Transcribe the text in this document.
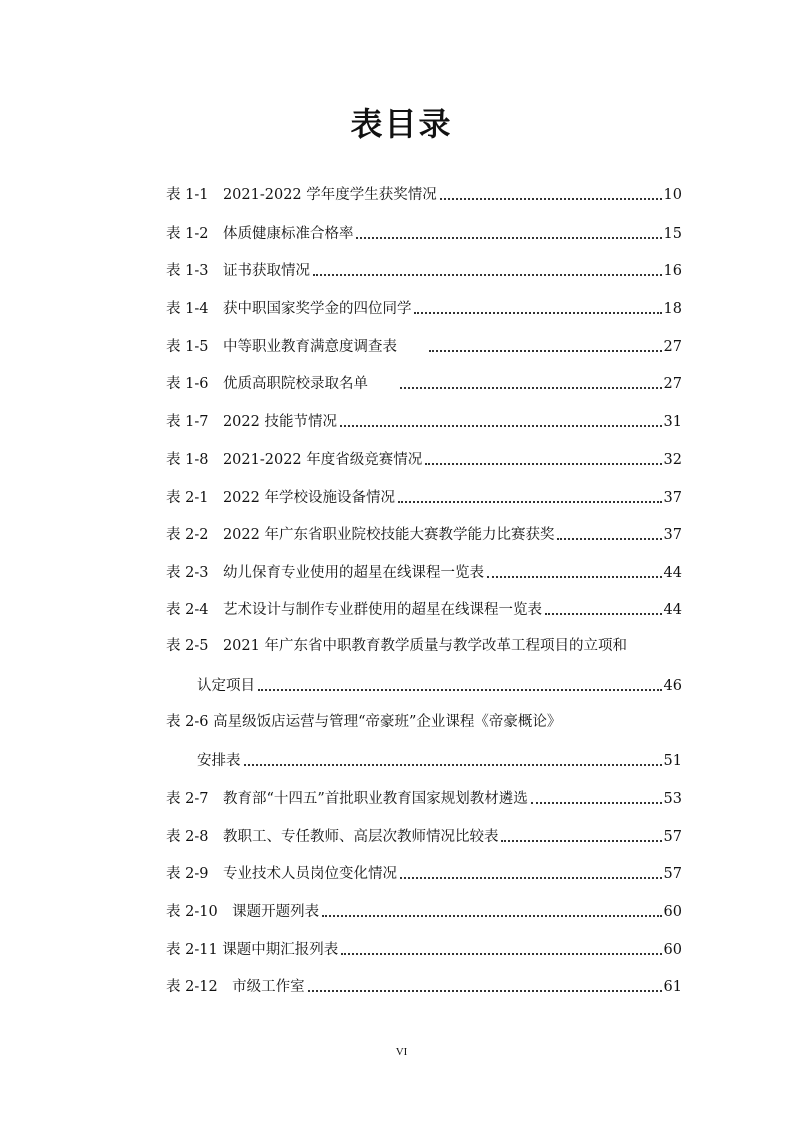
表目录
表 1-1　2021-2022 学年度学生获奖情况	10
表 1-2　体质健康标准合格率	15
表 1-3　证书获取情况	16
表 1-4　获中职国家奖学金的四位同学	18
表 1-5　中等职业教育满意度调查表　　	27
表 1-6　优质高职院校录取名单　　	27
表 1-7　2022 技能节情况	31
表 1-8　2021-2022 年度省级竞赛情况	32
表 2-1　2022 年学校设施设备情况	37
表 2-2　2022 年广东省职业院校技能大赛教学能力比赛获奖	37
表 2-3　幼儿保育专业使用的超星在线课程一览表	44
表 2-4　艺术设计与制作专业群使用的超星在线课程一览表	44
表 2-5　2021 年广东省中职教育教学质量与教学改革工程项目的立项和
认定项目	46
表 2-6 高星级饭店运营与管理“帝豪班”企业课程《帝豪概论》
安排表	51
表 2-7　教育部“十四五”首批职业教育国家规划教材遴选	53
表 2-8　教职工、专任教师、高层次教师情况比较表	57
表 2-9　专业技术人员岗位变化情况	57
表 2-10　课题开题列表	60
表 2-11 课题中期汇报列表	60
表 2-12　市级工作室	61
VI
